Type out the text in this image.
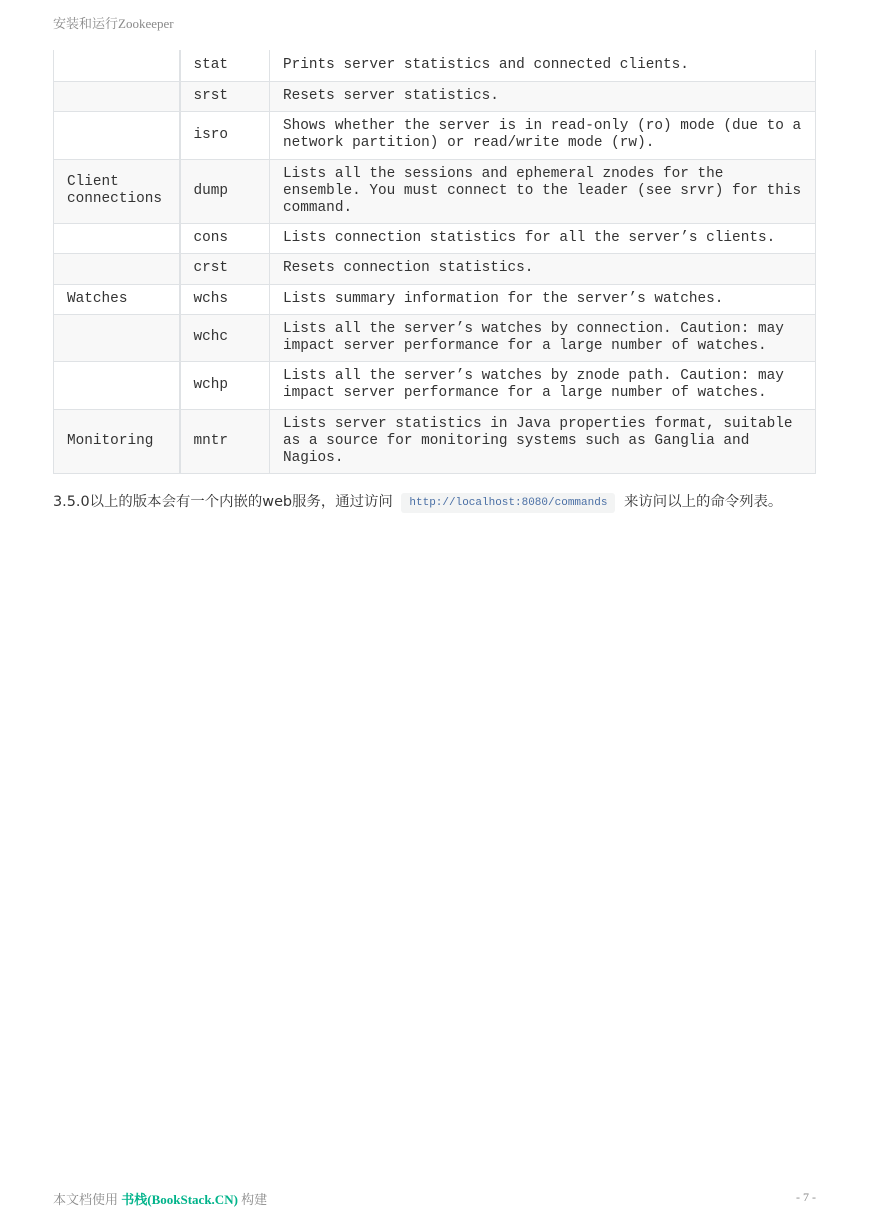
安装和运行Zookeeper
	stat	Prints server statistics and connected clients.
	srst	Resets server statistics.
	isro	Shows whether the server is in read-only (ro) mode (due to a network partition) or read/write mode (rw).
Client connections	dump	Lists all the sessions and ephemeral znodes for the ensemble. You must connect to the leader (see srvr) for this command.
	cons	Lists connection statistics for all the server’s clients.
	crst	Resets connection statistics.
Watches	wchs	Lists summary information for the server’s watches.
	wchc	Lists all the server’s watches by connection. Caution: may impact server performance for a large number of watches.
	wchp	Lists all the server’s watches by znode path. Caution: may impact server performance for a large number of watches.
Monitoring	mntr	Lists server statistics in Java properties format, suitable as a source for monitoring systems such as Ganglia and Nagios.
3.5.0以上的版本会有一个内嵌的web服务，通过访问 http://localhost:8080/commands 来访问以上的命令列表。
本文档使用 书栈(BookStack.CN) 构建	- 7 -
